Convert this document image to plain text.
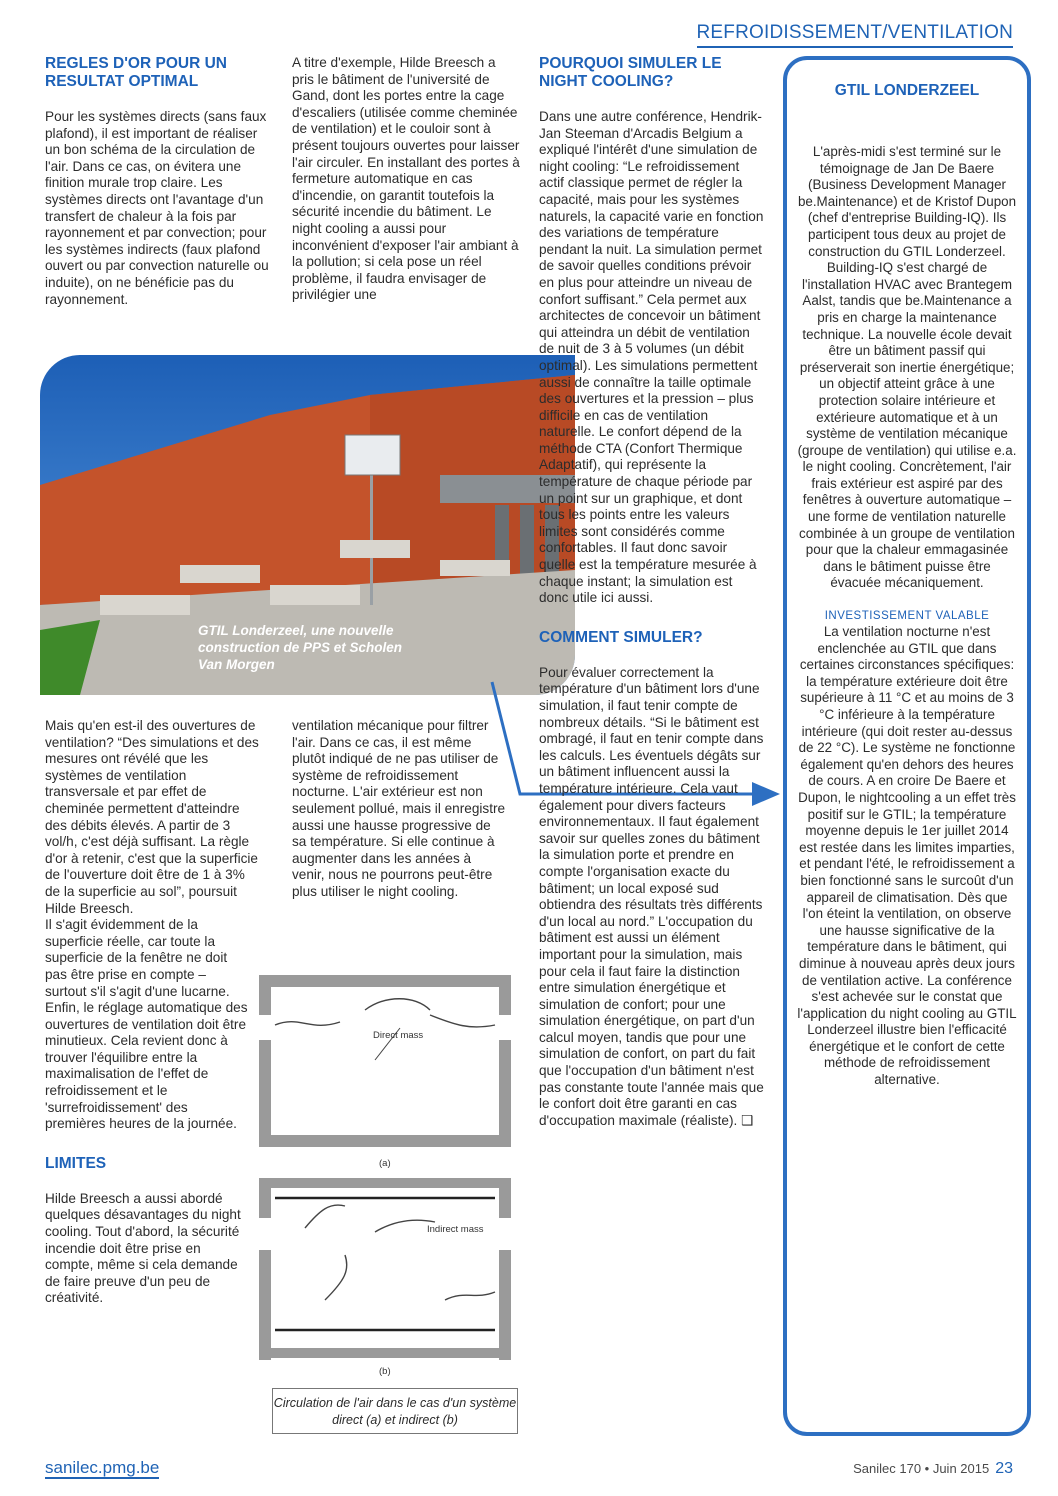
REFROIDISSEMENT/VENTILATION
REGLES D'OR POUR UN RESULTAT OPTIMAL

Pour les systèmes directs (sans faux plafond), il est important de réaliser un bon schéma de la circulation de l'air. Dans ce cas, on évitera une finition murale trop claire. Les systèmes directs ont l'avantage d'un transfert de chaleur à la fois par rayonnement et par convection; pour les systèmes indirects (faux plafond ouvert ou par convection naturelle ou induite), on ne bénéficie pas du rayonnement.

A titre d'exemple, Hilde Breesch a pris le bâtiment de l'université de Gand, dont les portes entre la cage d'escaliers (utilisée comme cheminée de ventilation) et le couloir sont à présent toujours ouvertes pour laisser l'air circuler. En installant des portes à fermeture automatique en cas d'incendie, on garantit toutefois la sécurité incendie du bâtiment. Le night cooling a aussi pour inconvénient d'exposer l'air ambiant à la pollution; si cela pose un réel problème, il faudra envisager de privilégier une

GTIL Londerzeel, une nouvelle construction de PPS et Scholen Van Morgen

Mais qu'en est-il des ouvertures de ventilation? “Des simulations et des mesures ont révélé que les systèmes de ventilation transversale et par effet de cheminée permettent d'atteindre des débits élevés. A partir de 3 vol/h, c'est déjà suffisant. La règle d'or à retenir, c'est que la superficie de l'ouverture doit être de 1 à 3% de la superficie au sol”, poursuit Hilde Breesch.

Il s'agit évidemment de la superficie réelle, car toute la superficie de la fenêtre ne doit pas être prise en compte – surtout s'il s'agit d'une lucarne. Enfin, le réglage automatique des ouvertures de ventilation doit être minutieux. Cela revient donc à trouver l'équilibre entre la maximalisation de l'effet de refroidissement et le 'surrefroidissement' des premières heures de la journée.

LIMITES

Hilde Breesch a aussi abordé quelques désavantages du night cooling. Tout d'abord, la sécurité incendie doit être prise en compte, même si cela demande de faire preuve d'un peu de créativité.

ventilation mécanique pour filtrer l'air. Dans ce cas, il est même plutôt indiqué de ne pas utiliser de système de refroidissement nocturne. L'air extérieur est non seulement pollué, mais il enregistre aussi une hausse progressive de sa température. Si elle continue à augmenter dans les années à venir, nous ne pourrons peut-être plus utiliser le night cooling.

Direct mass
(a)
Indirect mass
(b)
Circulation de l'air dans le cas d'un système direct (a) et indirect (b)
POURQUOI SIMULER LE NIGHT COOLING?

Dans une autre conférence, Hendrik-Jan Steeman d'Arcadis Belgium a expliqué l'intérêt d'une simulation de night cooling: “Le refroidissement actif classique permet de régler la capacité, mais pour les systèmes naturels, la capacité varie en fonction des variations de température pendant la nuit. La simulation permet de savoir quelles conditions prévoir en plus pour atteindre un niveau de confort suffisant.” Cela permet aux architectes de concevoir un bâtiment qui atteindra un débit de ventilation de nuit de 3 à 5 volumes (un débit optimal). Les simulations permettent aussi de connaître la taille optimale des ouvertures et la pression – plus difficile en cas de ventilation naturelle. Le confort dépend de la méthode CTA (Confort Thermique Adaptatif), qui représente la température de chaque période par un point sur un graphique, et dont tous les points entre les valeurs limites sont considérés comme confortables. Il faut donc savoir quelle est la température mesurée à chaque instant; la simulation est donc utile ici aussi.

COMMENT SIMULER?

Pour évaluer correctement la température d'un bâtiment lors d'une simulation, il faut tenir compte de nombreux détails. “Si le bâtiment est ombragé, il faut en tenir compte dans les calculs. Les éventuels dégâts sur un bâtiment influencent aussi la température intérieure. Cela vaut également pour divers facteurs environnementaux. Il faut également savoir sur quelles zones du bâtiment la simulation porte et prendre en compte l'organisation exacte du bâtiment; un local exposé sud obtiendra des résultats très différents d'un local au nord.” L'occupation du bâtiment est aussi un élément important pour la simulation, mais pour cela il faut faire la distinction entre simulation énergétique et simulation de confort; pour une simulation énergétique, on part d'un calcul moyen, tandis que pour une simulation de confort, on part du fait que l'occupation d'un bâtiment n'est pas constante toute l'année mais que le confort doit être garanti en cas d'occupation maximale (réaliste). ❑

GTIL LONDERZEEL

L'après-midi s'est terminé sur le témoignage de Jan De Baere (Business Development Manager be.Maintenance) et de Kristof Dupon (chef d'entreprise Building-IQ). Ils participent tous deux au projet de construction du GTIL Londerzeel. Building-IQ s'est chargé de l'installation HVAC avec Brantegem Aalst, tandis que be.Maintenance a pris en charge la maintenance technique. La nouvelle école devait être un bâtiment passif qui préserverait son inertie énergétique; un objectif atteint grâce à une protection solaire intérieure et extérieure automatique et à un système de ventilation mécanique (groupe de ventilation) qui utilise e.a. le night cooling. Concrètement, l'air frais extérieur est aspiré par des fenêtres à ouverture automatique – une forme de ventilation naturelle combinée à un groupe de ventilation pour que la chaleur emmagasinée dans le bâtiment puisse être évacuée mécaniquement.

INVESTISSEMENT VALABLE

La ventilation nocturne n'est enclenchée au GTIL que dans certaines circonstances spécifiques: la température extérieure doit être supérieure à 11 °C et au moins de 3 °C inférieure à la température intérieure (qui doit rester au-dessus de 22 °C). Le système ne fonctionne également qu'en dehors des heures de cours. A en croire De Baere et Dupon, le nightcooling a un effet très positif sur le GTIL; la température moyenne depuis le 1er juillet 2014 est restée dans les limites imparties, et pendant l'été, le refroidissement a bien fonctionné sans le surcoût d'un appareil de climatisation. Dès que l'on éteint la ventilation, on observe une hausse significative de la température dans le bâtiment, qui diminue à nouveau après deux jours de ventilation active. La conférence s'est achevée sur le constat que l'application du night cooling au GTIL Londerzeel illustre bien l'efficacité énergétique et le confort de cette méthode de refroidissement alternative.

sanilec.pmg.be	Sanilec 170 • Juin 2015 23
